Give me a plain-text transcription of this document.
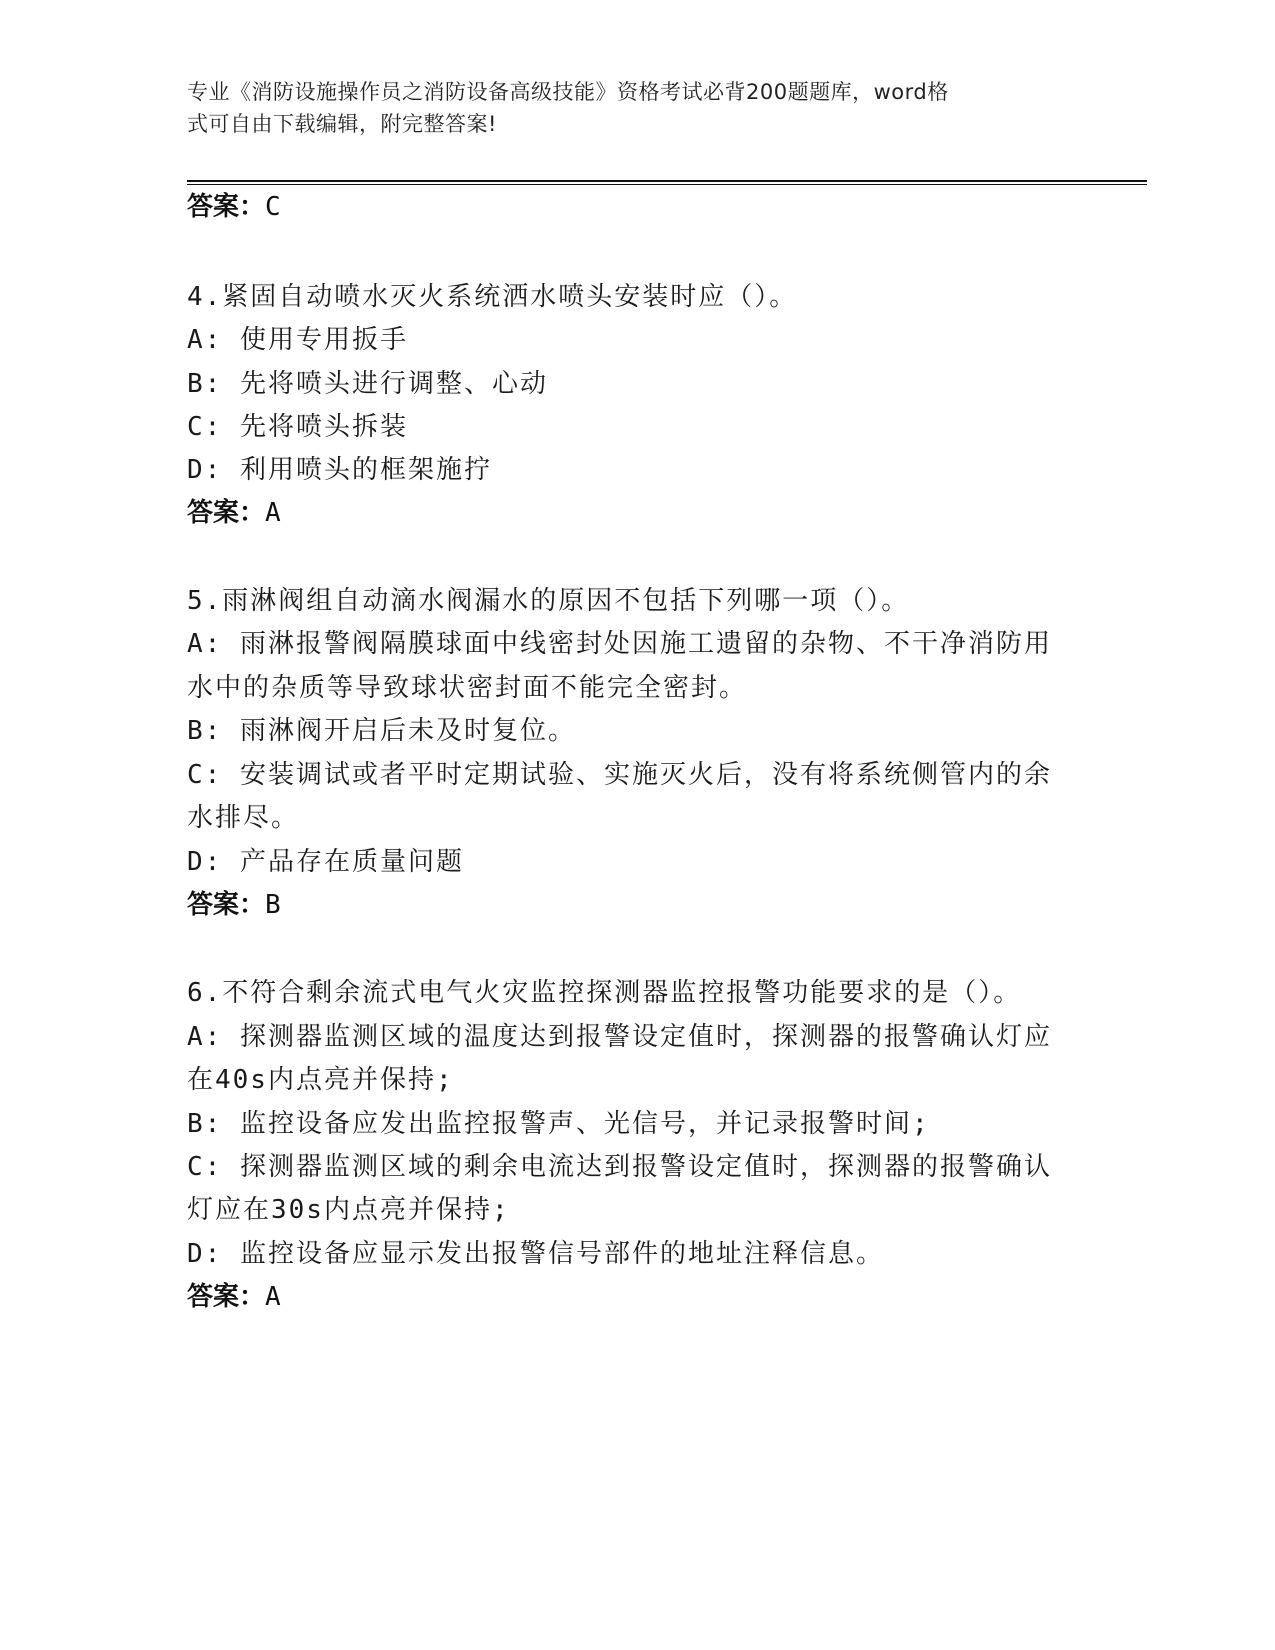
专业《消防设施操作员之消防设备高级技能》资格考试必背200题题库，word格
式可自由下载编辑，附完整答案!
答案：C
4.紧固自动喷水灭火系统洒水喷头安装时应（）。
A: 使用专用扳手
B: 先将喷头进行调整、心动
C: 先将喷头拆装
D: 利用喷头的框架施拧
答案：A
5.雨淋阀组自动滴水阀漏水的原因不包括下列哪一项（）。
A: 雨淋报警阀隔膜球面中线密封处因施工遗留的杂物、不干净消防用
水中的杂质等导致球状密封面不能完全密封。
B: 雨淋阀开启后未及时复位。
C: 安装调试或者平时定期试验、实施灭火后，没有将系统侧管内的余
水排尽。
D: 产品存在质量问题
答案：B
6.不符合剩余流式电气火灾监控探测器监控报警功能要求的是（）。
A: 探测器监测区域的温度达到报警设定值时，探测器的报警确认灯应
在40s内点亮并保持;
B: 监控设备应发出监控报警声、光信号，并记录报警时间;
C: 探测器监测区域的剩余电流达到报警设定值时，探测器的报警确认
灯应在30s内点亮并保持;
D: 监控设备应显示发出报警信号部件的地址注释信息。
答案：A
